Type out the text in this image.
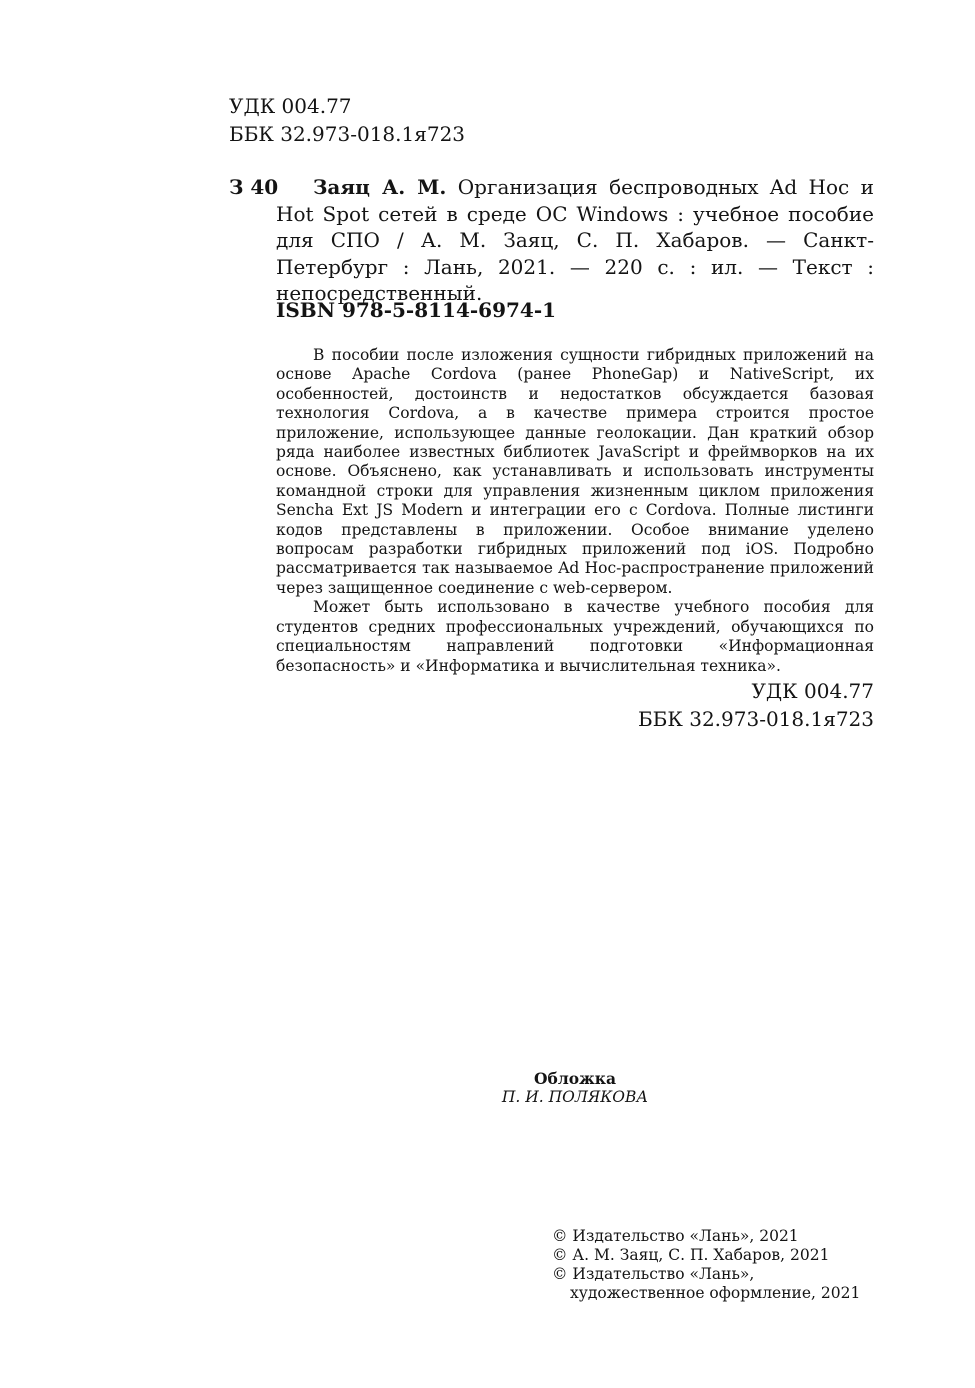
УДК 004.77
ББК 32.973-018.1я723
З 40	Заяц А. М. Организация беспроводных Ad Hoc и Hot Spot сетей в среде ОС Windows : учебное пособие для СПО / А. М. Заяц, С. П. Хабаров. — Санкт-Петербург : Лань, 2021. — 220 с. : ил. — Текст : непосредственный.
ISBN 978-5-8114-6974-1

В пособии после изложения сущности гибридных приложений на основе Apache Cordova (ранее PhoneGap) и NativeScript, их особенностей, достоинств и недостатков обсуждается базовая технология Cordova, а в качестве примера строится простое приложение, использующее данные геолокации. Дан краткий обзор ряда наиболее известных библиотек JavaScript и фреймворков на их основе. Объяснено, как устанавливать и использовать инструменты командной строки для управления жизненным циклом приложения Sencha Ext JS Modern и интеграции его с Cordova. Полные листинги кодов представлены в приложении. Особое внимание уделено вопросам разработки гибридных приложений под iOS. Подробно рассматривается так называемое Ad Hoc-распространение приложений через защищенное соединение с web-сервером.

Может быть использовано в качестве учебного пособия для студентов средних профессиональных учреждений, обучающихся по специальностям направлений подготовки «Информационная безопасность» и «Информатика и вычислительная техника».

УДК 004.77
ББК 32.973-018.1я723
Обложка
П. И. ПОЛЯКОВА
© Издательство «Лань», 2021
© А. М. Заяц, С. П. Хабаров, 2021
© Издательство «Лань»,
художественное оформление, 2021
